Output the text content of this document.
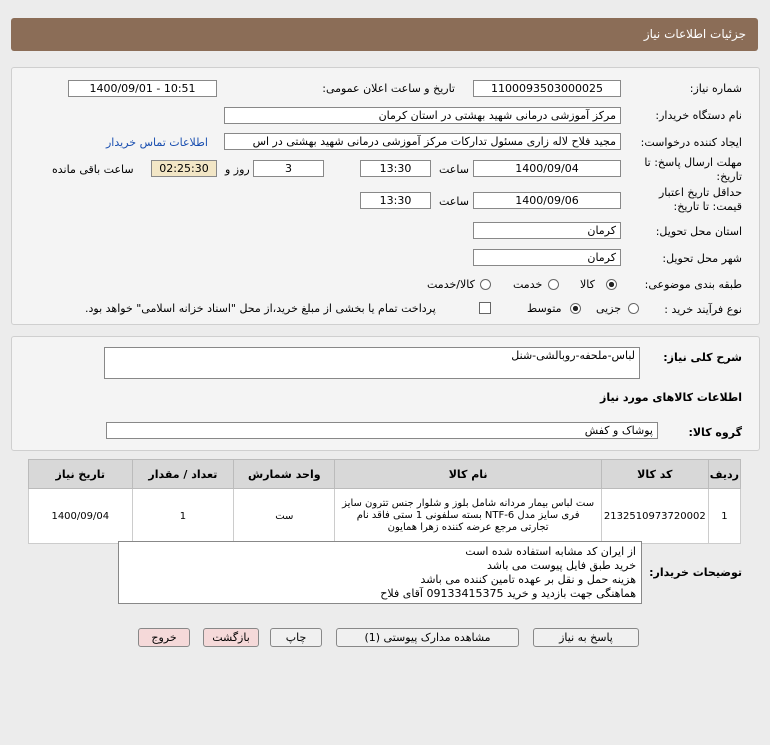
جزئیات اطلاعات نیاز
شماره نیاز:
1100093503000025
تاریخ و ساعت اعلان عمومی:
1400/09/01 - 10:51
نام دستگاه خریدار:
مرکز آموزشی درمانی شهید بهشتی در استان کرمان
ایجاد کننده درخواست:
مجید فلاح لاله زاری مسئول تدارکات مرکز آموزشی درمانی شهید بهشتی در اس
اطلاعات تماس خریدار
مهلت ارسال پاسخ: تا تاریخ:
1400/09/04
ساعت
13:30
3
روز و
02:25:30
ساعت باقی مانده
حداقل تاریخ اعتبار قیمت: تا تاریخ:
1400/09/06
ساعت
13:30
استان محل تحویل:
کرمان
شهر محل تحویل:
کرمان
طبقه بندی موضوعی:
کالا
خدمت
کالا/خدمت
نوع فرآیند خرید :
جزیی
متوسط
پرداخت تمام یا بخشی از مبلغ خرید،از محل "اسناد خزانه اسلامی" خواهد بود.
شرح کلی نیاز:
لباس-ملحفه-روبالشی-شنل
اطلاعات کالاهای مورد نیاز
گروه کالا:
پوشاک و کفش
ردیف	کد کالا	نام کالا	واحد شمارش	تعداد / مقدار	تاریخ نیاز
1	2132510973720002	ست لباس بیمار مردانه شامل بلوز و شلوار جنس تترون سایز فری سایز مدل NTF-6 بسته سلفونی 1 ستی فاقد نام تجارتی مرجع عرضه کننده زهرا همایون	ست	1	1400/09/04
توضیحات خریدار:
از ایران کد مشابه استفاده شده است
خرید طبق فایل پیوست می باشد
هزینه حمل و نقل بر عهده تامین کننده می باشد
هماهنگی جهت بازدید و خرید 09133415375 آقای فلاح
پاسخ به نیاز
مشاهده مدارک پیوستی (1)
چاپ
بازگشت
خروج
